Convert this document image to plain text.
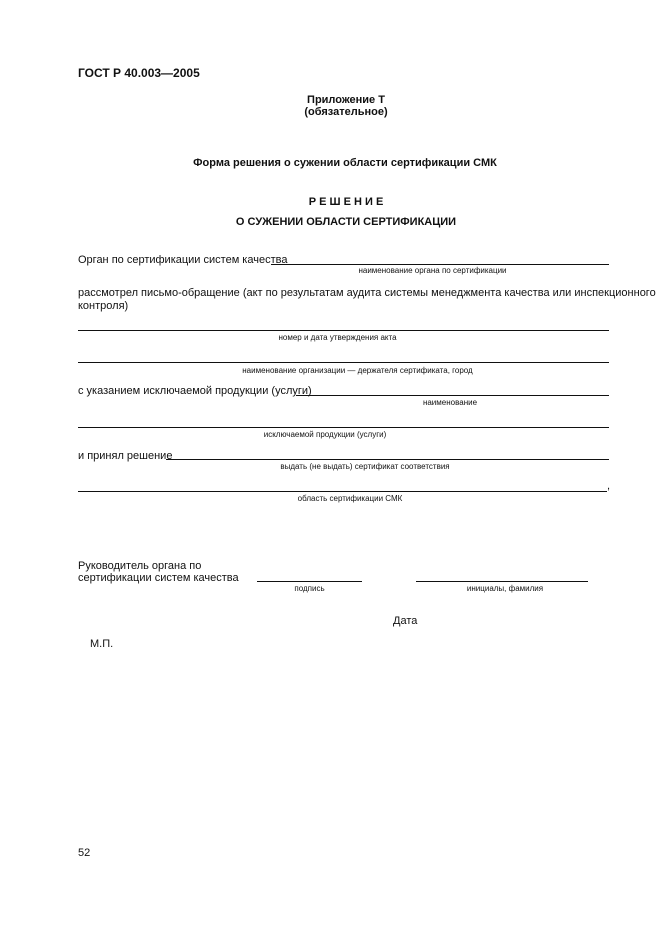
ГОСТ Р 40.003—2005
Приложение Т
(обязательное)
Форма решения о сужении области сертификации СМК
Р Е Ш Е Н И Е
О СУЖЕНИИ ОБЛАСТИ СЕРТИФИКАЦИИ
Орган по сертификации систем качества
наименование органа по сертификации
рассмотрел письмо-обращение (акт по результатам аудита системы менеджмента качества или инспекционного
контроля)
номер и дата утверждения акта
наименование организации — держателя сертификата, город
с указанием исключаемой продукции (услуги)
наименование
исключаемой продукции (услуги)
и принял решение
выдать (не выдать) сертификат соответствия
,
область сертификации СМК
Руководитель органа по
сертификации систем качества
подпись	инициалы, фамилия
Дата
М.П.
52
